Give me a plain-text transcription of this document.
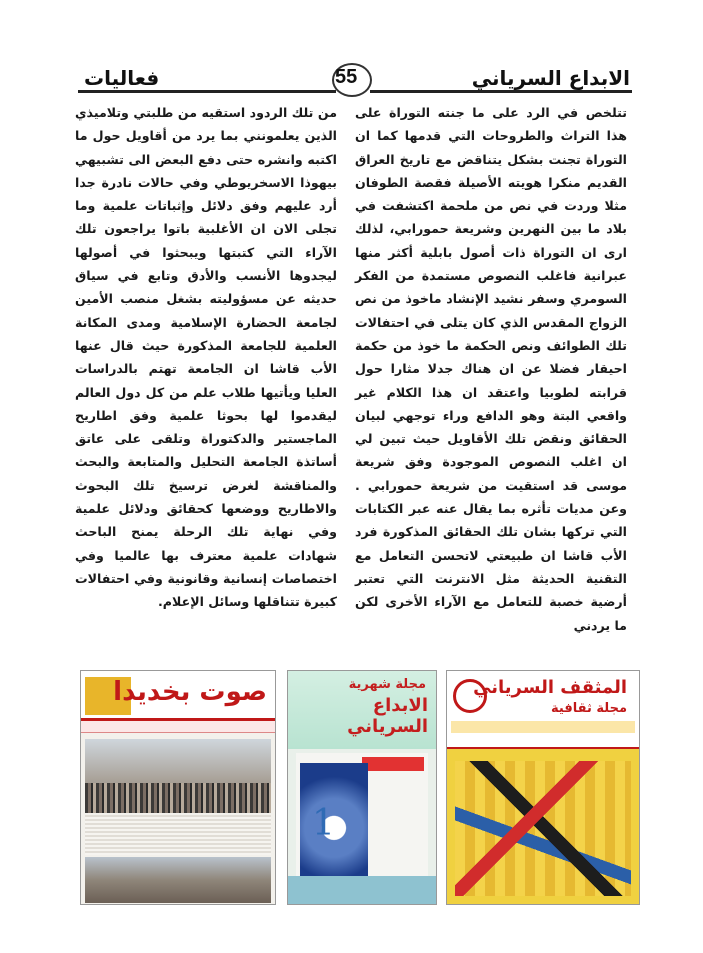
فعاليات	55	الابداع السرياني

تتلخص في الرد على ما جنته التوراة على هذا التراث والطروحات التي قدمها كما ان التوراة تجنت بشكل يتناقض مع تاريخ العراق القديم منكرا هويته الأصيلة فقصة الطوفان مثلا وردت في نص من ملحمة اكتشفت في بلاد ما بين النهرين وشريعة حمورابي، لذلك ارى ان التوراة ذات أصول بابلية أكثر منها عبرانية فاغلب النصوص مستمدة من الفكر السومري وسفر نشيد الإنشاد ماخوذ من نص الزواج المقدس الذي كان يتلى في احتفالات تلك الطوائف ونص الحكمة ما خوذ من حكمة احيقار فضلا عن ان هناك جدلا مثارا حول قرابته لطوبيا واعتقد ان هذا الكلام غير واقعي البتة وهو الدافع وراء توجهي لبيان الحقائق ونقض تلك الأقاويل حيث تبين لي ان اغلب النصوص الموجودة وفق شريعة موسى قد استقيت من شريعة حمورابي . وعن مديات تأثره بما يقال عنه عبر الكتابات التي تركها بشان تلك الحقائق المذكورة فرد الأب قاشا ان طبيعتي لاتحسن التعامل مع التقنية الحديثة مثل الانترنت التي تعتبر أرضية خصبة للتعامل مع الآراء الأخرى لكن ما يردني

من تلك الردود استقيه من طلبتي وتلاميذي الذين يعلمونني بما يرد من أقاويل حول ما اكتبه وانشره حتى دفع البعض الى تشبيهي بيهوذا الاسخريوطي وفي حالات نادرة جدا أرد عليهم وفق دلائل وإثباتات علمية وما تجلى الان ان الأغلبية باتوا يراجعون تلك الآراء التي كتبتها ويبحثوا في أصولها ليجدوها الأنسب والأدق وتابع في سياق حديثه عن مسؤوليته بشغل منصب الأمين لجامعة الحضارة الإسلامية ومدى المكانة العلمية للجامعة المذكورة حيث قال عنها الأب قاشا ان الجامعة تهتم بالدراسات العليا ويأتيها طلاب علم من كل دول العالم ليقدموا لها بحوثا علمية وفق اطاريح الماجستير والدكتوراة وتلقى على عاتق أساتذة الجامعة التحليل والمتابعة والبحث والمناقشة لغرض ترسيخ تلك البحوث والاطاريح ووضعها كحقائق ودلائل علمية وفي نهاية تلك الرحلة يمنح الباحث شهادات علمية معترف بها عالميا وفي اختصاصات إنسانية وقانونية وفي احتفالات كبيرة تتناقلها وسائل الإعلام.

صوت بخديدا	مجلة شهرية
الابداع السرياني
1
المثقف السرياني
مجلة ثقافية
